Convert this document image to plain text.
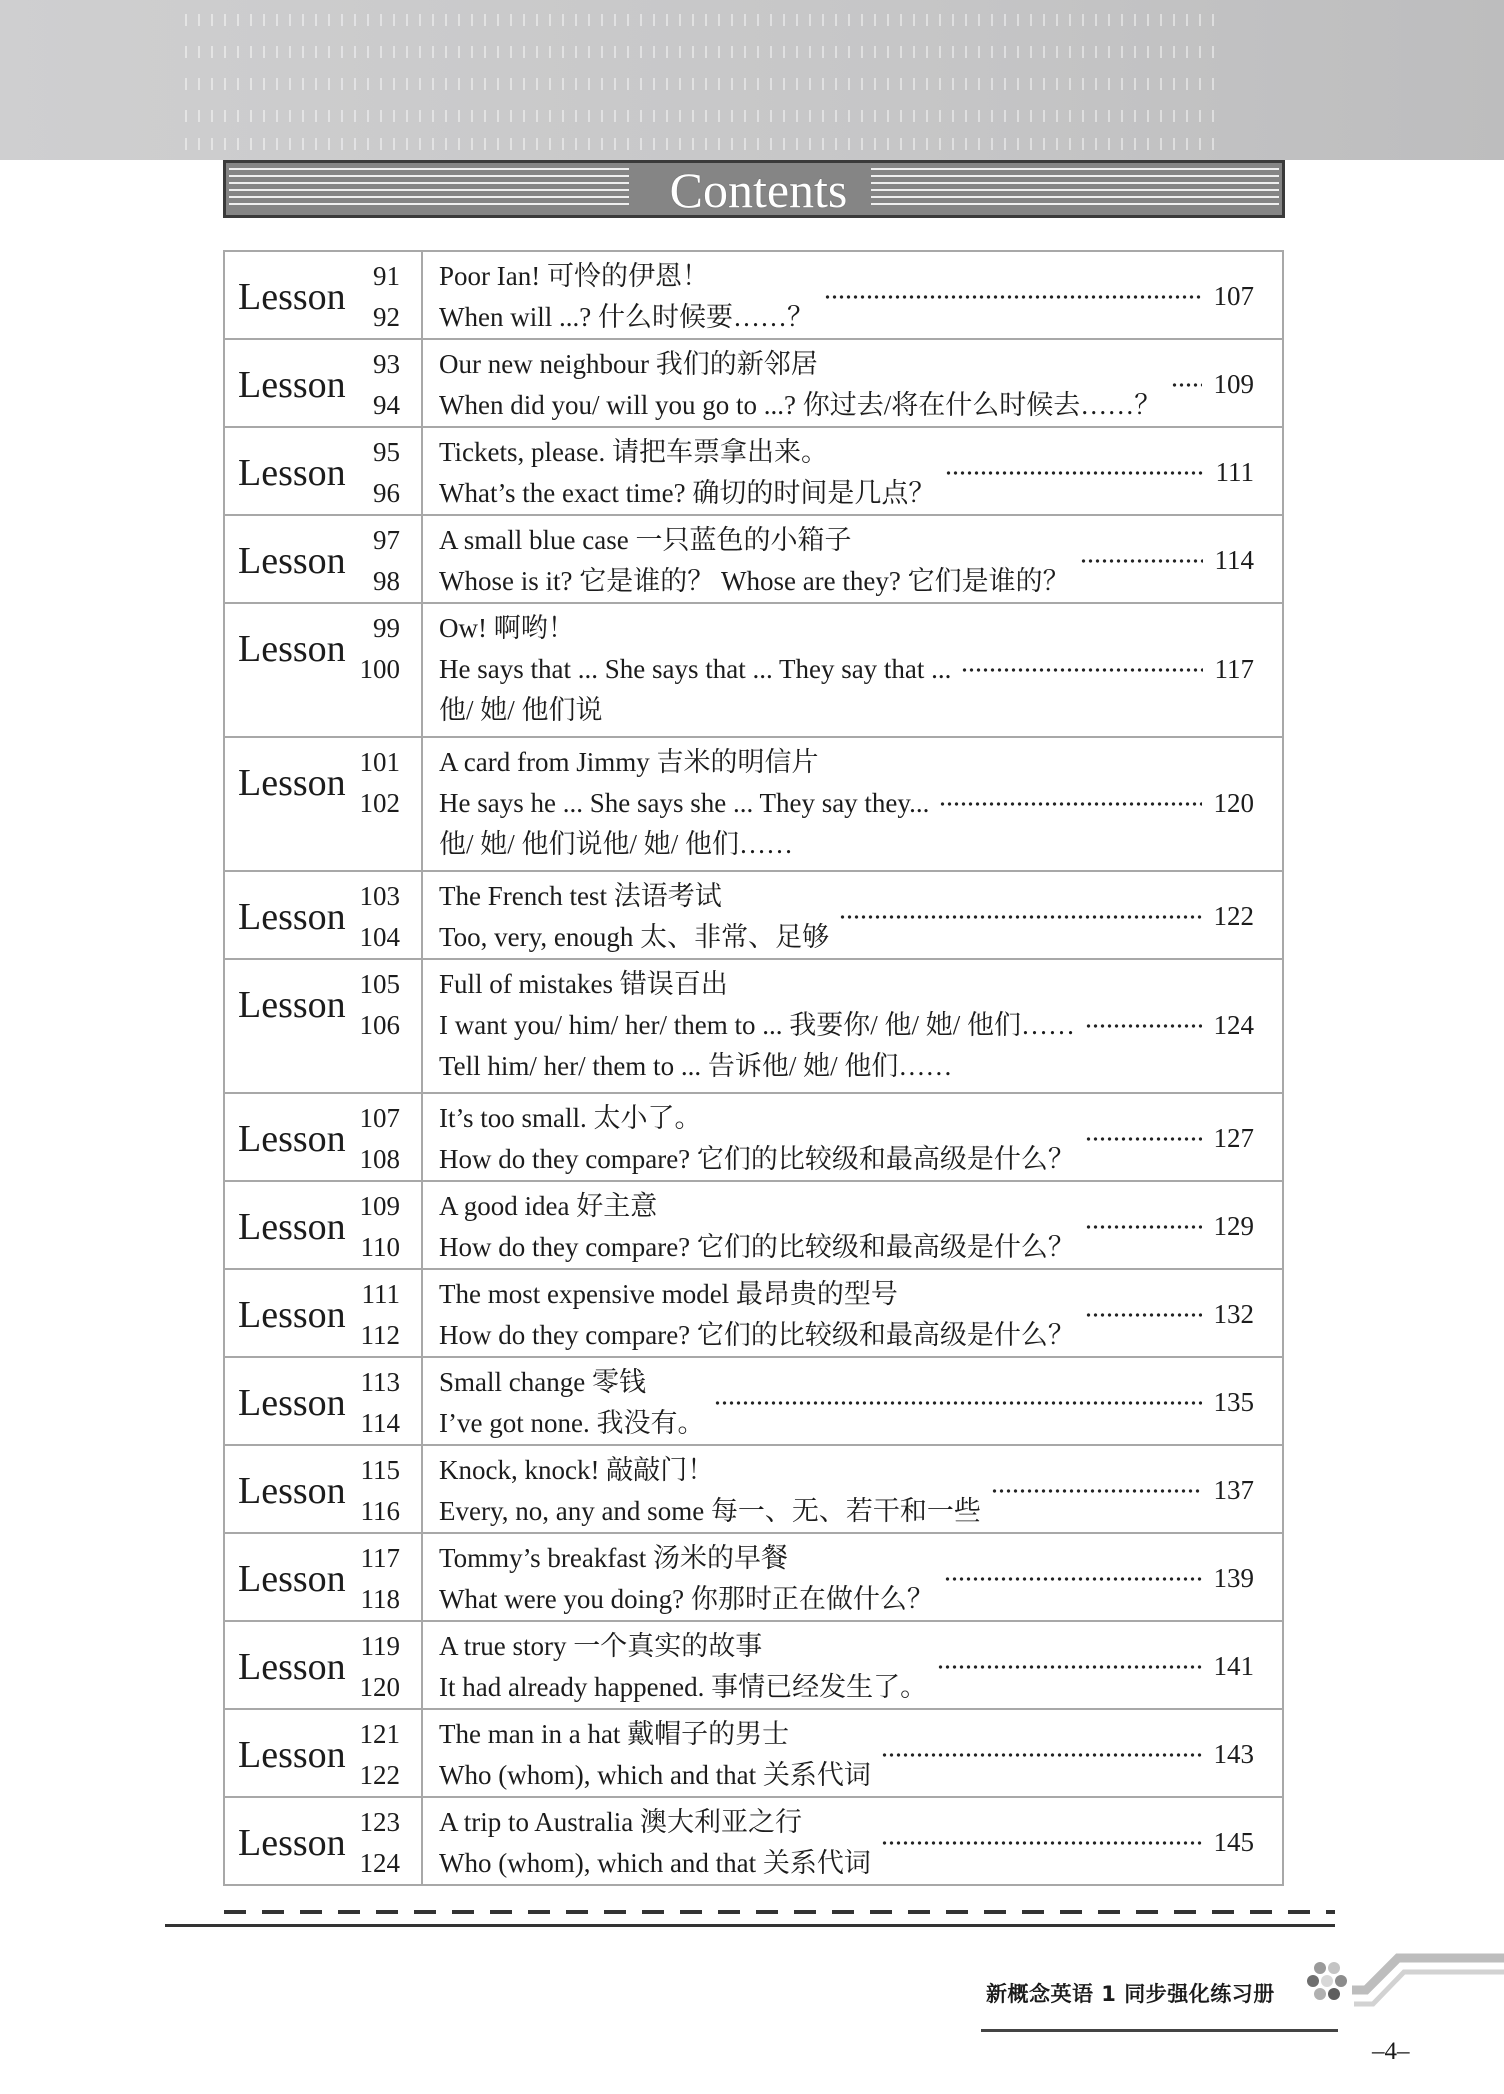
Contents
Lesson 91
92
Poor Ian! 可怜的伊恩！
When will ...? 什么时候要……？
107
Lesson 93
94
Our new neighbour 我们的新邻居
When did you/ will you go to ...? 你过去/将在什么时候去……？
109
Lesson 95
96
Tickets, please. 请把车票拿出来。
What’s the exact time? 确切的时间是几点？
111
Lesson 97
98
A small blue case 一只蓝色的小箱子
Whose is it? 它是谁的？ Whose are they? 它们是谁的？
114
Lesson	99
100
Ow! 啊哟！
He says that ... She says that ... They say that ...
他/ 她/ 他们说
117
Lesson 101
102
A card from Jimmy 吉米的明信片
He says he ... She says she ... They say they...
他/ 她/ 他们说他/ 她/ 他们……
120
Lesson 103
104
The French test 法语考试
Too, very, enough 太、非常、足够
122
Lesson 105
106
Full of mistakes 错误百出
I want you/ him/ her/ them to ... 我要你/ 他/ 她/ 他们……
Tell him/ her/ them to ... 告诉他/ 她/ 他们……
124
Lesson 107
108
It’s too small. 太小了。
How do they compare? 它们的比较级和最高级是什么？
127
Lesson 109
110
A good idea 好主意
How do they compare? 它们的比较级和最高级是什么？
129
Lesson 111
112
The most expensive model 最昂贵的型号
How do they compare? 它们的比较级和最高级是什么？
132
Lesson 113
114
Small change 零钱
I’ve got none. 我没有。
135
Lesson 115
116
Knock, knock! 敲敲门！
Every, no, any and some 每一、无、若干和一些
137
Lesson 117
118
Tommy’s breakfast 汤米的早餐
What were you doing? 你那时正在做什么？
139
Lesson 119
120
A true story 一个真实的故事
It had already happened. 事情已经发生了。
141
Lesson 121
122
The man in a hat 戴帽子的男士
Who (whom), which and that 关系代词
143
Lesson 123
124
A trip to Australia 澳大利亚之行
Who (whom), which and that 关系代词
145
新概念英语 1 同步强化练习册
–4–
